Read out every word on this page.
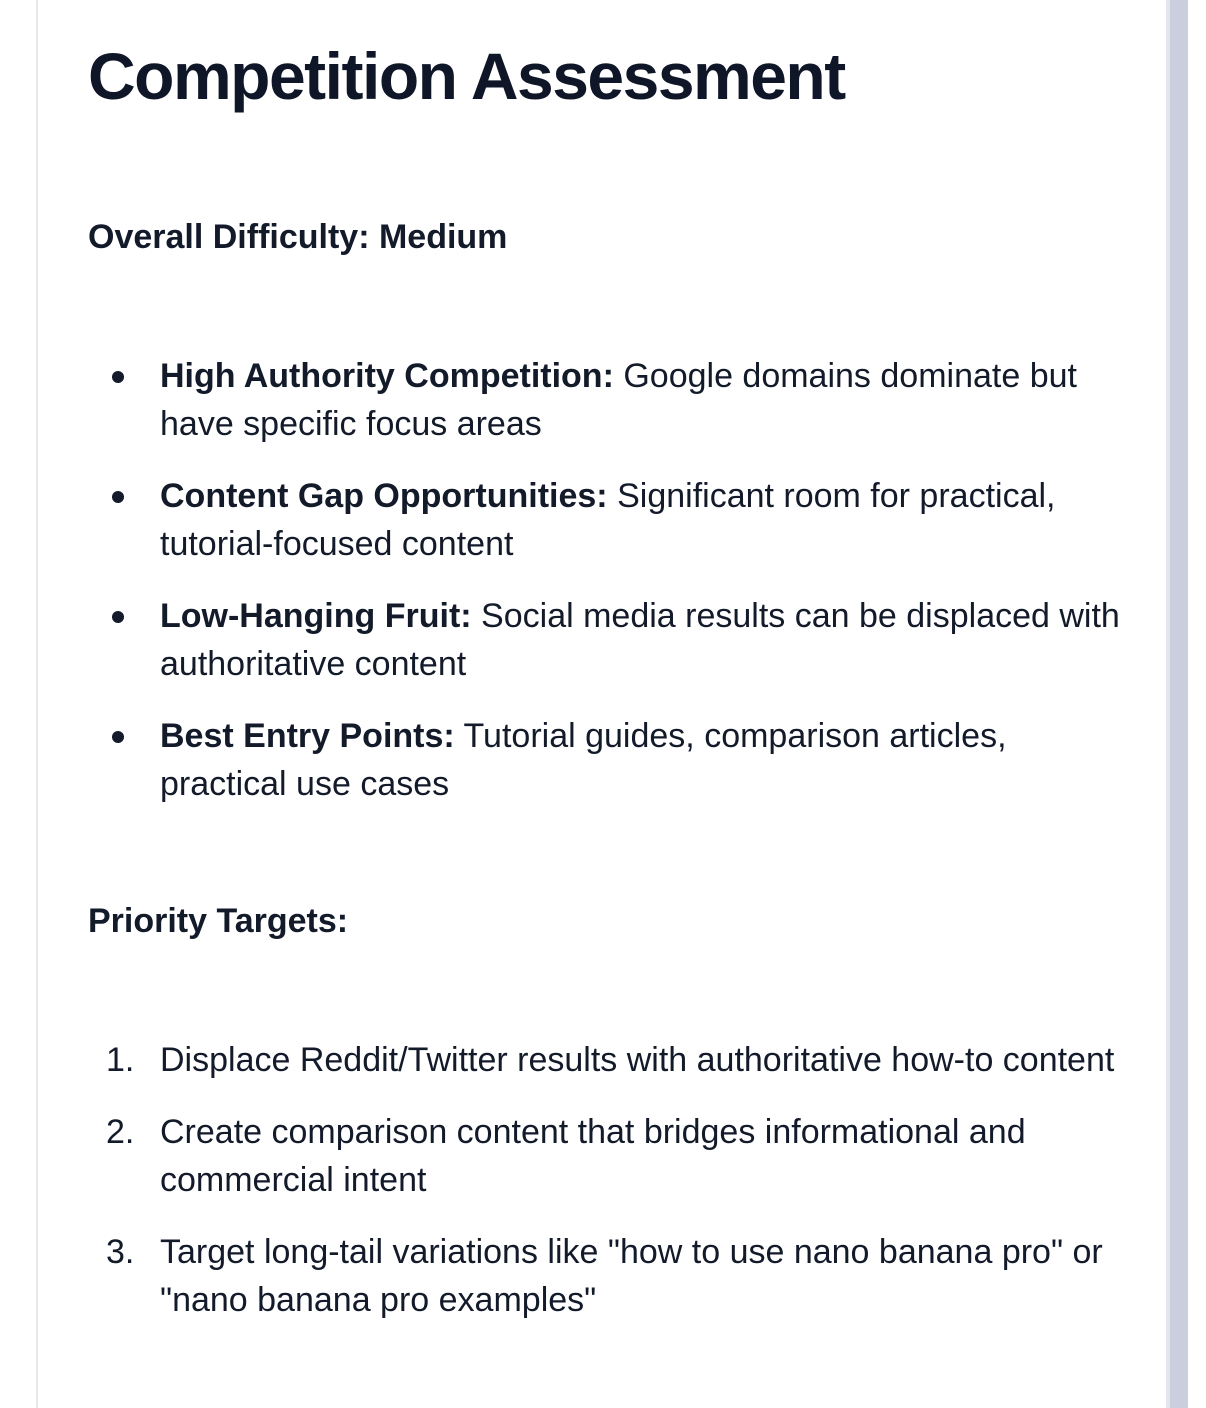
Competition Assessment

Overall Difficulty: Medium

High Authority Competition: Google domains dominate but have specific focus areas
Content Gap Opportunities: Significant room for practical, tutorial-focused content
Low-Hanging Fruit: Social media results can be displaced with authoritative content
Best Entry Points: Tutorial guides, comparison articles, practical use cases

Priority Targets:

1. Displace Reddit/Twitter results with authoritative how-to content
2. Create comparison content that bridges informational and commercial intent
3. Target long-tail variations like "how to use nano banana pro" or "nano banana pro examples"
